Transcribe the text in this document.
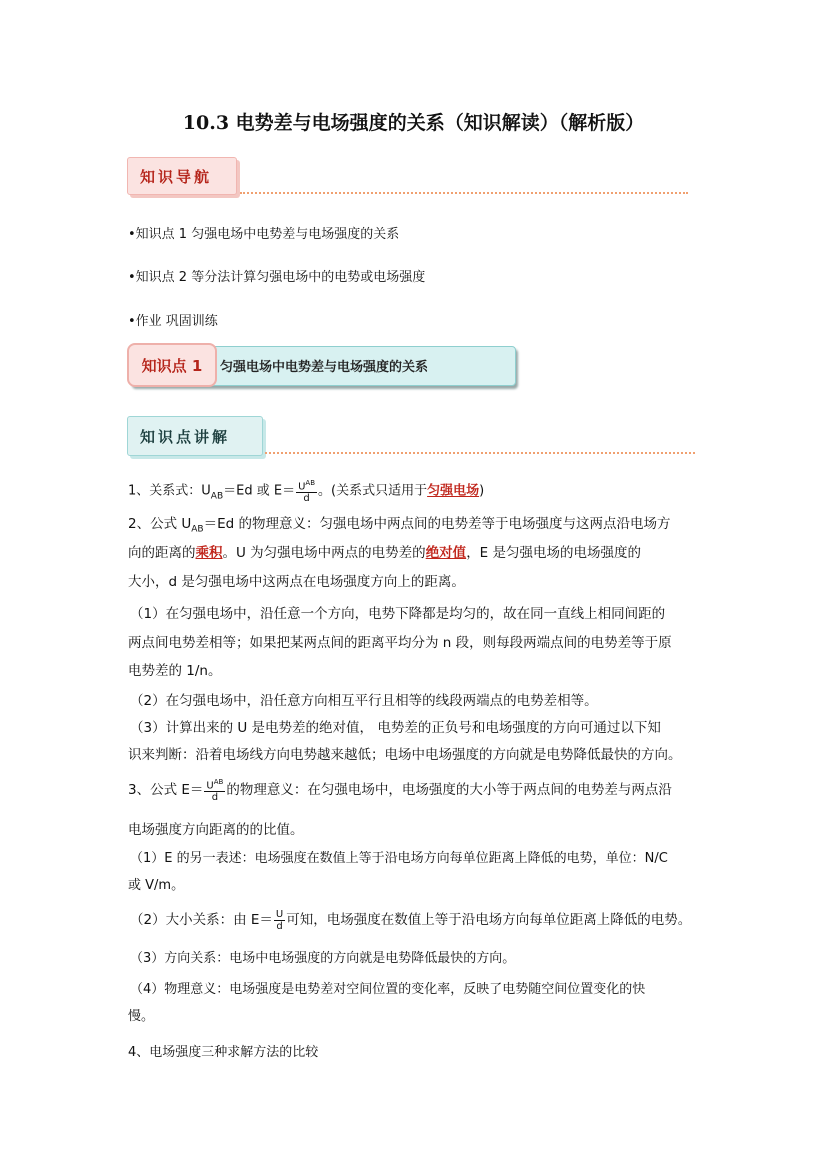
10.3 电势差与电场强度的关系（知识解读）（解析版）
知识导航
•知识点 1 匀强电场中电势差与电场强度的关系
•知识点 2 等分法计算匀强电场中的电势或电场强度
•作业 巩固训练
知识点 1	匀强电场中电势差与电场强度的关系
知识点讲解
1、关系式：$U_{AB}=Ed$ 或 $E= \frac{U^{AB}}{d}$ 。(关系式只适用于匀强电场)
2、公式 $U_{AB}=Ed$ 的物理意义：匀强电场中两点间的电势差等于电场强度与这两点沿电场方
向的距离的乘积。U 为匀强电场中两点的电势差的绝对值，E 是匀强电场的电场强度的
大小，d 是匀强电场中这两点在电场强度方向上的距离。
（1）在匀强电场中，沿任意一个方向，电势下降都是均匀的，故在同一直线上相同间距的
两点间电势差相等；如果把某两点间的距离平均分为 n 段，则每段两端点间的电势差等于原
电势差的 1/n。
（2）在匀强电场中，沿任意方向相互平行且相等的线段两端点的电势差相等。
（3）计算出来的 U 是电势差的绝对值， 电势差的正负号和电场强度的方向可通过以下知
识来判断：沿着电场线方向电势越来越低；电场中电场强度的方向就是电势降低最快的方向。
3、公式 $E= \frac{U^{AB}}{d}$ 的物理意义：在匀强电场中，电场强度的大小等于两点间的电势差与两点沿
电场强度方向距离的的比值。
（1）E 的另一表述：电场强度在数值上等于沿电场方向每单位距离上降低的电势，单位：N/C
或 V/m。
（2）大小关系：由 $E= \frac{U}{d}$ 可知，电场强度在数值上等于沿电场方向每单位距离上降低的电势。
（3）方向关系：电场中电场强度的方向就是电势降低最快的方向。
（4）物理意义：电场强度是电势差对空间位置的变化率，反映了电势随空间位置变化的快
慢。
4、电场强度三种求解方法的比较
